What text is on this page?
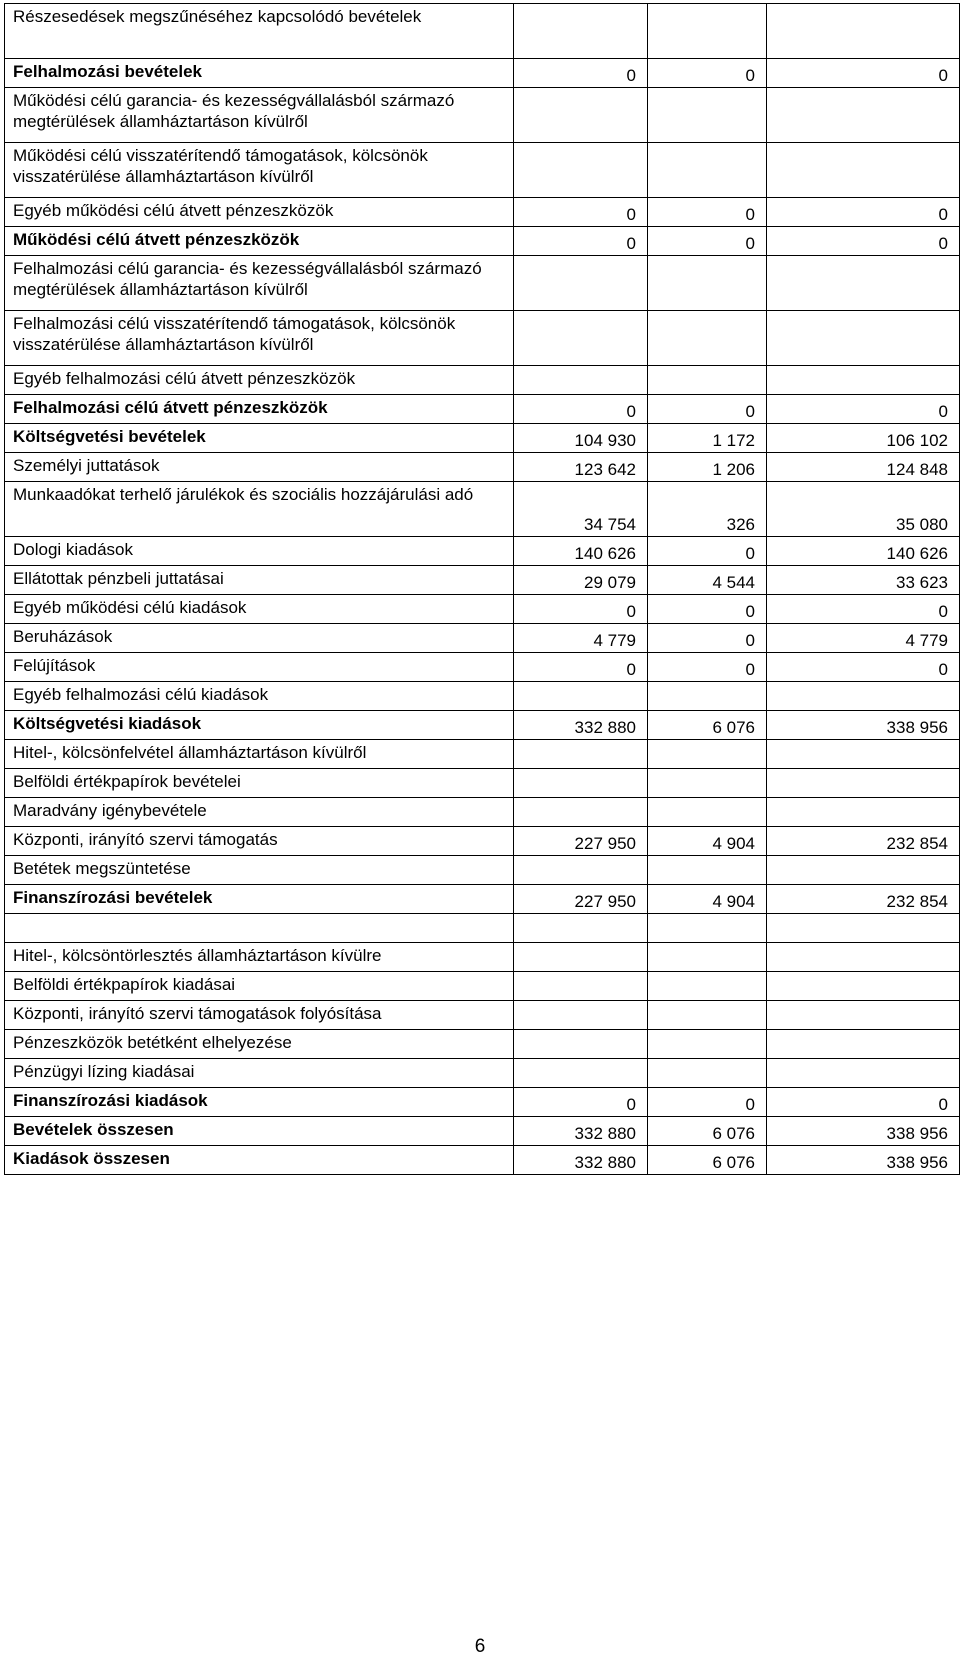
Részesedések megszűnéséhez kapcsolódó bevételek			
Felhalmozási bevételek	0	0	0
Működési célú garancia- és kezességvállalásból származó megtérülések államháztartáson kívülről			
Működési célú visszatérítendő támogatások, kölcsönök visszatérülése államháztartáson kívülről			
Egyéb működési célú átvett pénzeszközök	0	0	0
Működési célú átvett pénzeszközök	0	0	0
Felhalmozási célú garancia- és kezességvállalásból származó megtérülések államháztartáson kívülről			
Felhalmozási célú visszatérítendő támogatások, kölcsönök visszatérülése államháztartáson kívülről			
Egyéb felhalmozási célú átvett pénzeszközök			
Felhalmozási célú átvett pénzeszközök	0	0	0
Költségvetési bevételek	104 930	1 172	106 102
Személyi juttatások	123 642	1 206	124 848
Munkaadókat terhelő járulékok és szociális hozzájárulási adó	34 754	326	35 080
Dologi kiadások	140 626	0	140 626
Ellátottak pénzbeli juttatásai	29 079	4 544	33 623
Egyéb működési célú kiadások	0	0	0
Beruházások	4 779	0	4 779
Felújítások	0	0	0
Egyéb felhalmozási célú kiadások			
Költségvetési kiadások	332 880	6 076	338 956
Hitel-, kölcsönfelvétel államháztartáson kívülről			
Belföldi értékpapírok bevételei			
Maradvány igénybevétele			
Központi, irányító szervi támogatás	227 950	4 904	232 854
Betétek megszüntetése			
Finanszírozási bevételek	227 950	4 904	232 854

Hitel-, kölcsöntörlesztés államháztartáson kívülre			
Belföldi értékpapírok kiadásai			
Központi, irányító szervi támogatások folyósítása			
Pénzeszközök betétként elhelyezése			
Pénzügyi lízing kiadásai			
Finanszírozási kiadások	0	0	0
Bevételek összesen	332 880	6 076	338 956
Kiadások összesen	332 880	6 076	338 956
6
